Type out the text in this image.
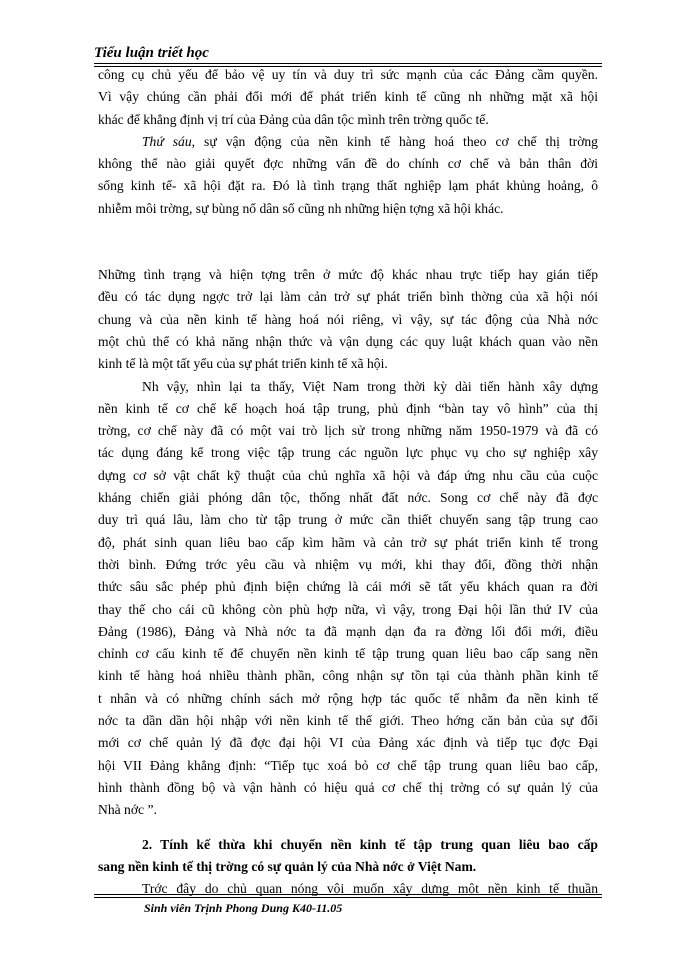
Tiểu luận triết học
công cụ chủ yếu để bảo vệ uy tín và duy trì sức mạnh của các Đảng cầm quyền.
Vì vậy chúng cần phải đổi mới để phát triển kinh tế cũng nh những mặt xã hội
khác để khẳng định vị trí của Đảng của dân tộc mình trên trờng quốc tế.
Thứ sáu, sự vận động của nền kinh tế hàng hoá theo cơ chế thị trờng
không thể nào giải quyết đợc những vấn đề do chính cơ chế và bản thân đời
sống kinh tế- xã hội đặt ra. Đó là tình trạng thất nghiệp lạm phát khủng hoảng, ô
nhiễm môi trờng, sự bùng nổ dân số cũng nh những hiện tợng xã hội khác.
Những tình trạng và hiện tợng trên ở mức độ khác nhau trực tiếp hay gián tiếp
đều có tác dụng ngợc trở lại làm cản trở sự phát triển bình thờng của xã hội nói
chung và của nền kinh tế hàng hoá nói riêng, vì vậy, sự tác động của Nhà nớc
một chủ thể có khả năng nhận thức và vận dụng các quy luật khách quan vào nền
kinh tế là một tất yếu của sự phát triển kinh tế xã hội.
Nh vậy, nhìn lại ta thấy, Việt Nam trong thời kỳ dài tiến hành xây dựng
nền kinh tế cơ chế kế hoạch hoá tập trung, phủ định “bàn tay vô hình” của thị
trờng, cơ chế này đã có một vai trò lịch sử trong những năm 1950-1979 và đã có
tác dụng đáng kể trong việc tập trung các nguồn lực phục vụ cho sự nghiệp xây
dựng cơ sở vật chất kỹ thuật của chủ nghĩa xã hội và đáp ứng nhu cầu của cuộc
kháng chiến giải phóng dân tộc, thống nhất đất nớc. Song cơ chế này đã đợc
duy trì quá lâu, làm cho từ tập trung ở mức cần thiết chuyển sang tập trung cao
độ, phát sinh quan liêu bao cấp kìm hãm và cản trở sự phát triển kinh tế trong
thời bình. Đứng trớc yêu cầu và nhiệm vụ mới, khi thay đổi, đồng thời nhận
thức sâu sắc phép phủ định biện chứng là cái mới sẽ tất yếu khách quan ra đời
thay thế cho cái cũ không còn phù hợp nữa, vì vậy, trong Đại hội lần thứ IV của
Đảng (1986), Đảng và Nhà nớc ta đã mạnh dạn đa ra đờng lối đổi mới, điều
chỉnh cơ cấu kinh tế để chuyển nền kinh tế tập trung quan liêu bao cấp sang nền
kinh tế hàng hoá nhiều thành phần, công nhận sự tồn tại của thành phần kinh tế
t nhân và có những chính sách mở rộng hợp tác quốc tế nhằm đa nền kinh tế
nớc ta dần dần hội nhập với nền kinh tế thế giới. Theo hớng căn bản của sự đổi
mới cơ chế quản lý đã đợc đại hội VI của Đảng xác định và tiếp tục đợc Đại
hội VII Đảng khẳng định: “Tiếp tục xoá bỏ cơ chế tập trung quan liêu bao cấp,
hình thành đồng bộ và vận hành có hiệu quả cơ chế thị trờng có sự quản lý của
Nhà nớc ”.
2. Tính kế thừa khi chuyển nền kinh tế tập trung quan liêu bao cấp
sang nền kinh tế thị trờng có sự quản lý của Nhà nớc ở Việt Nam.
Trớc đây do chủ quan nóng vội muốn xây dựng một nền kinh tế thuần
Sinh viên Trịnh Phong Dung K40-11.05
